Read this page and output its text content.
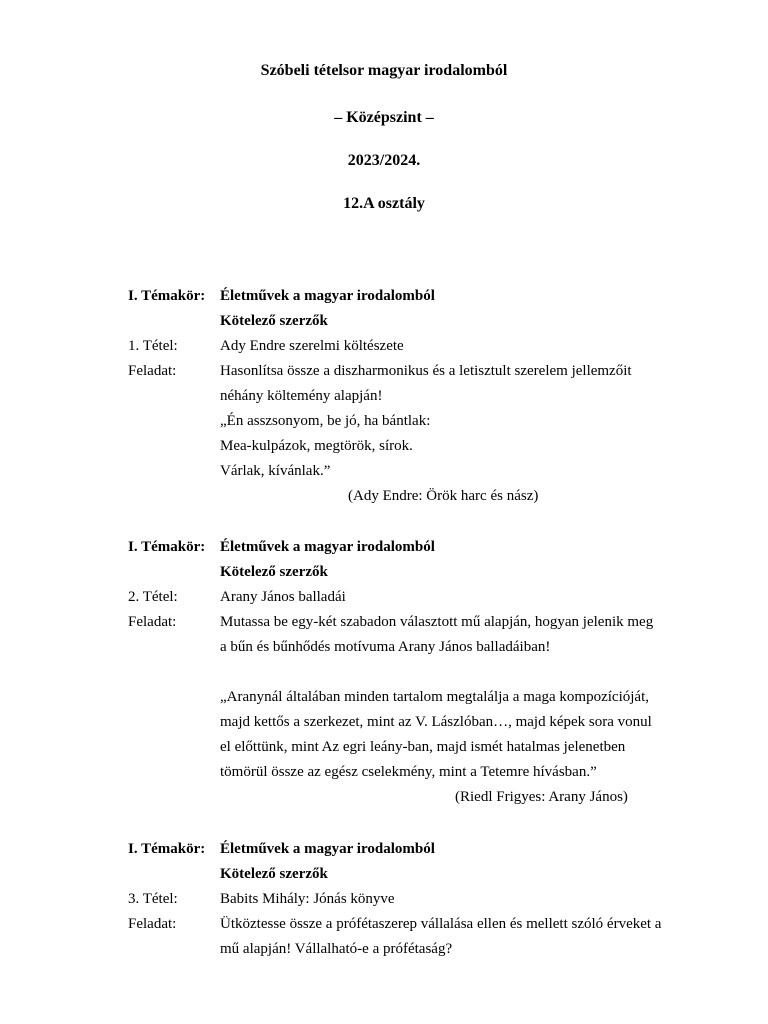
Szóbeli tételsor magyar irodalomból
– Középszint –
2023/2024.
12.A osztály
I. Témakör: Életművek a magyar irodalomból
Kötelező szerzők
1. Tétel:	Ady Endre szerelmi költészete
Feladat:	Hasonlítsa össze a diszharmonikus és a letisztult szerelem jellemzőit
néhány költemény alapján!
„Én asszsonyom, be jó, ha bántlak:
Mea-kulpázok, megtörök, sírok.
Várlak, kívánlak.”
(Ady Endre: Örök harc és nász)
I. Témakör: Életművek a magyar irodalomból
Kötelező szerzők
2. Tétel:	Arany János balladái
Feladat:	Mutassa be egy-két szabadon választott mű alapján, hogyan jelenik meg
a bűn és bűnhődés motívuma Arany János balladáiban!
„Aranynál általában minden tartalom megtalálja a maga kompozícióját,
majd kettős a szerkezet, mint az V. Lászlóban…, majd képek sora vonul
el előttünk, mint Az egri leány-ban, majd ismét hatalmas jelenetben
tömörül össze az egész cselekmény, mint a Tetemre hívásban.”
(Riedl Frigyes: Arany János)
I. Témakör: Életművek a magyar irodalomból
Kötelező szerzők
3. Tétel:	Babits Mihály: Jónás könyve
Feladat:	Ütköztesse össze a prófétaszerep vállalása ellen és mellett szóló érveket a
mű alapján! Vállalható-e a prófétaság?
